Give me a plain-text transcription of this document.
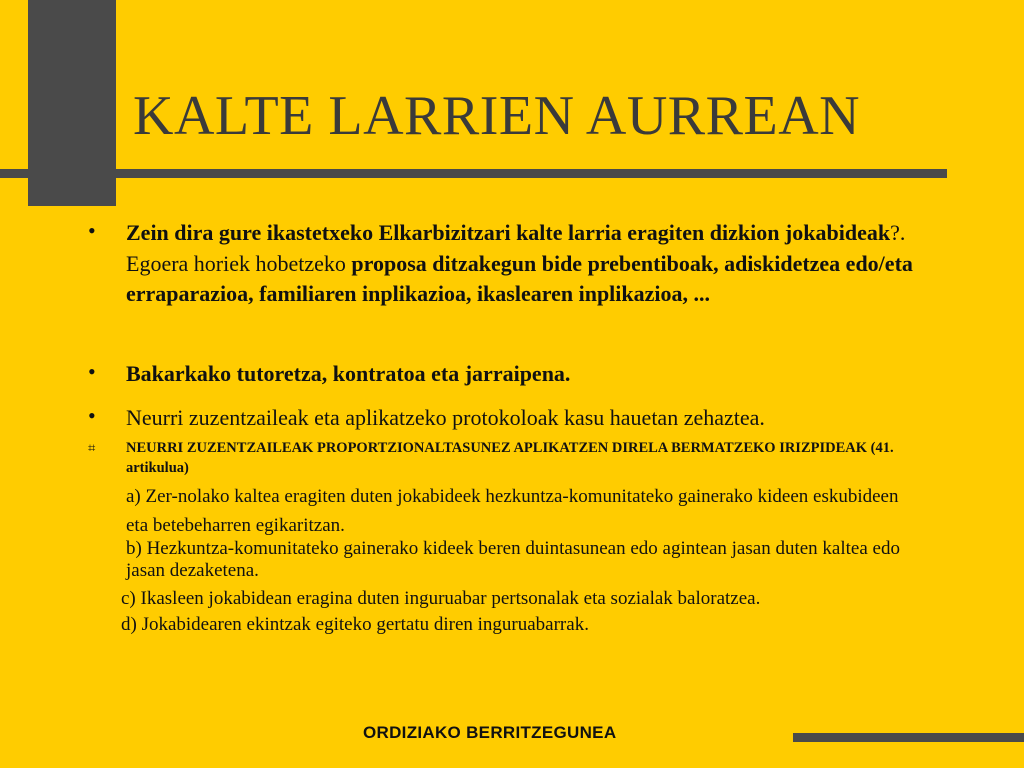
KALTE LARRIEN AURREAN
• Zein dira gure ikastetxeko Elkarbizitzari kalte larria eragiten dizkion jokabideak?. Egoera horiek hobetzeko proposa ditzakegun bide prebentiboak, adiskidetzea edo/eta erraparazioa, familiaren inplikazioa, ikaslearen inplikazioa, ...
• Bakarkako tutoretza, kontratoa eta jarraipena.
• Neurri zuzentzaileak eta aplikatzeko protokoloak kasu hauetan zehaztea.
⌗ NEURRI ZUZENTZAILEAK PROPORTZIONALTASUNEZ APLIKATZEN DIRELA BERMATZEKO IRIZPIDEAK (41. artikulua)
a) Zer-nolako kaltea eragiten duten jokabideek hezkuntza-komunitateko gainerako kideen eskubideen eta betebeharren egikaritzan.
b) Hezkuntza-komunitateko gainerako kideek beren duintasunean edo agintean jasan duten kaltea edo jasan dezaketena.
c) Ikasleen jokabidean eragina duten inguruabar pertsonalak eta sozialak baloratzea.
d) Jokabidearen ekintzak egiteko gertatu diren inguruabarrak.
ORDIZIAKO BERRITZEGUNEA
